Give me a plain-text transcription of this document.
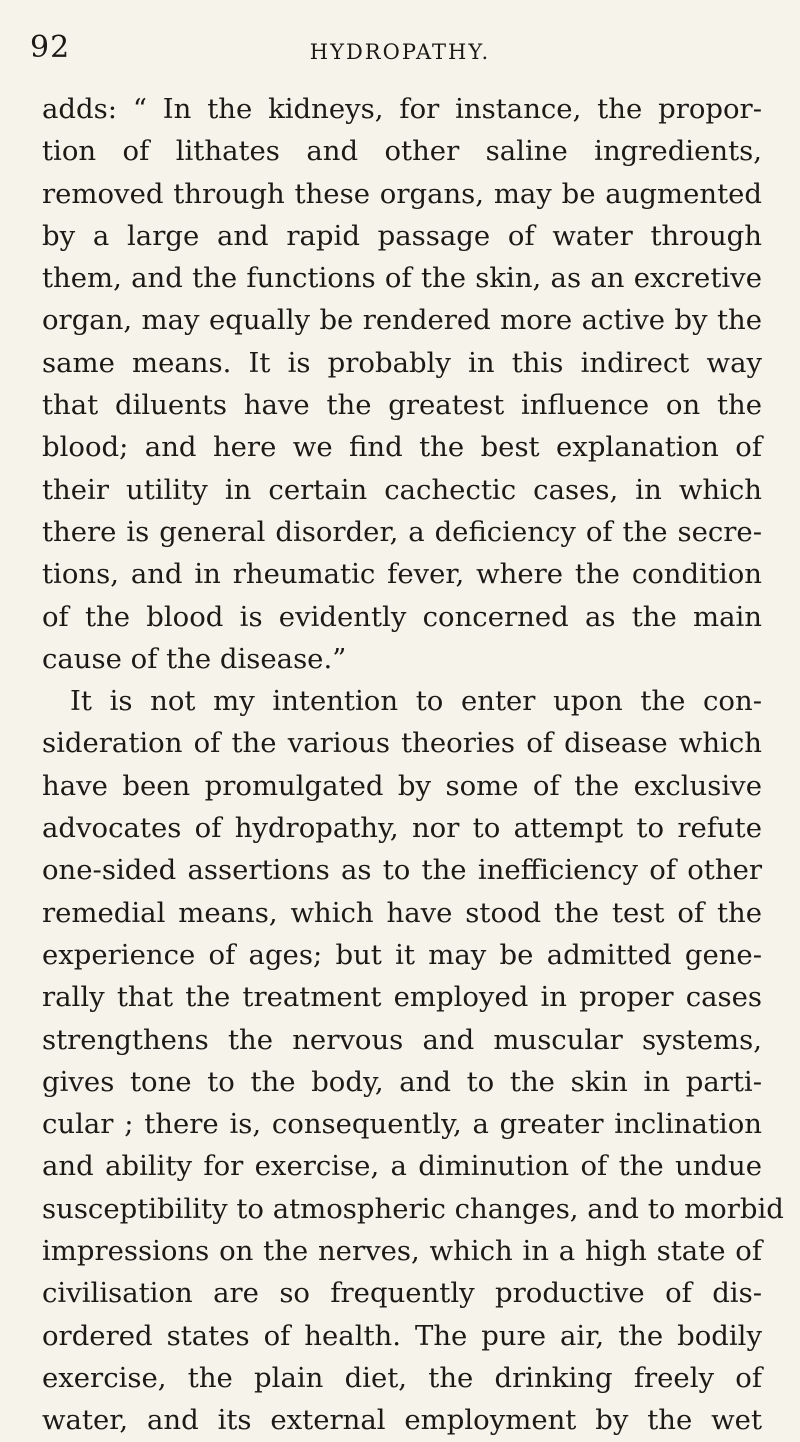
92	HYDROPATHY.
adds: “ In the kidneys, for instance, the propor-
tion of lithates and other saline ingredients,
removed through these organs, may be augmented
by a large and rapid passage of water through
them, and the functions of the skin, as an excretive
organ, may equally be rendered more active by the
same means. It is probably in this indirect way
that diluents have the greatest influence on the
blood; and here we find the best explanation of
their utility in certain cachectic cases, in which
there is general disorder, a deficiency of the secre-
tions, and in rheumatic fever, where the condition
of the blood is evidently concerned as the main
cause of the disease.”
It is not my intention to enter upon the con-
sideration of the various theories of disease which
have been promulgated by some of the exclusive
advocates of hydropathy, nor to attempt to refute
one-sided assertions as to the inefficiency of other
remedial means, which have stood the test of the
experience of ages; but it may be admitted gene-
rally that the treatment employed in proper cases
strengthens the nervous and muscular systems,
gives tone to the body, and to the skin in parti-
cular ; there is, consequently, a greater inclination
and ability for exercise, a diminution of the undue
susceptibility to atmospheric changes, and to morbid
impressions on the nerves, which in a high state of
civilisation are so frequently productive of dis-
ordered states of health. The pure air, the bodily
exercise, the plain diet, the drinking freely of
water, and its external employment by the wet
